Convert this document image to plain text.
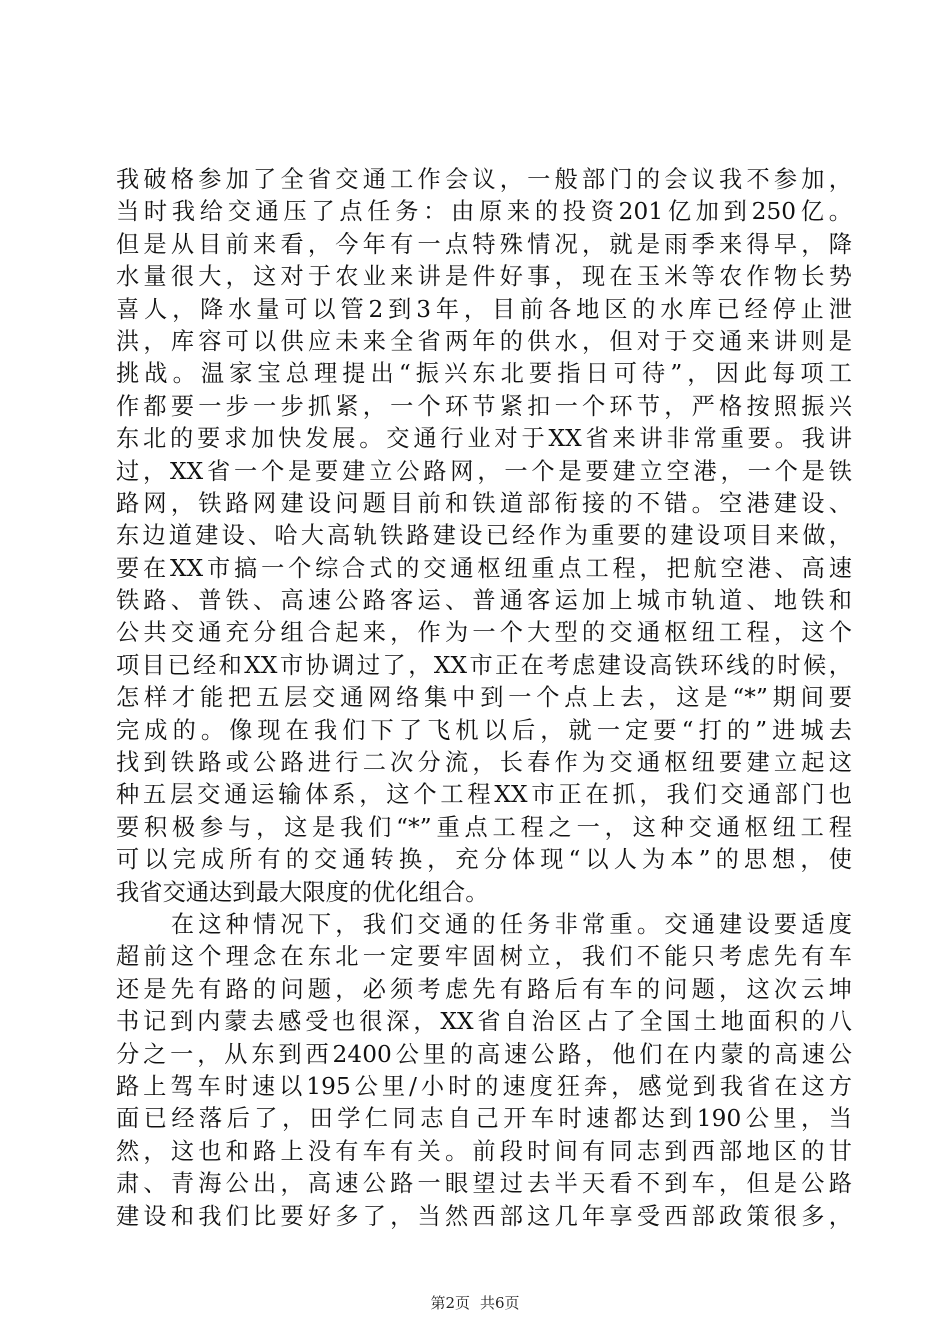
我破格参加了全省交通工作会议，一般部门的会议我不参加，
当时我给交通压了点任务：由原来的投资201亿加到250亿。
但是从目前来看，今年有一点特殊情况，就是雨季来得早，降
水量很大，这对于农业来讲是件好事，现在玉米等农作物长势
喜人，降水量可以管2到3年，目前各地区的水库已经停止泄
洪，库容可以供应未来全省两年的供水，但对于交通来讲则是
挑战。温家宝总理提出“振兴东北要指日可待”，因此每项工
作都要一步一步抓紧，一个环节紧扣一个环节，严格按照振兴
东北的要求加快发展。交通行业对于XX省来讲非常重要。我讲
过，XX省一个是要建立公路网，一个是要建立空港，一个是铁
路网，铁路网建设问题目前和铁道部衔接的不错。空港建设、
东边道建设、哈大高轨铁路建设已经作为重要的建设项目来做，
要在XX市搞一个综合式的交通枢纽重点工程，把航空港、高速
铁路、普铁、高速公路客运、普通客运加上城市轨道、地铁和
公共交通充分组合起来，作为一个大型的交通枢纽工程，这个
项目已经和XX市协调过了，XX市正在考虑建设高铁环线的时候，
怎样才能把五层交通网络集中到一个点上去，这是“*”期间要
完成的。像现在我们下了飞机以后，就一定要“打的”进城去
找到铁路或公路进行二次分流，长春作为交通枢纽要建立起这
种五层交通运输体系，这个工程XX市正在抓，我们交通部门也
要积极参与，这是我们“*”重点工程之一，这种交通枢纽工程
可以完成所有的交通转换，充分体现“以人为本”的思想，使
我省交通达到最大限度的优化组合。
　　在这种情况下，我们交通的任务非常重。交通建设要适度
超前这个理念在东北一定要牢固树立，我们不能只考虑先有车
还是先有路的问题，必须考虑先有路后有车的问题，这次云坤
书记到内蒙去感受也很深，XX省自治区占了全国土地面积的八
分之一，从东到西2400公里的高速公路，他们在内蒙的高速公
路上驾车时速以195公里/小时的速度狂奔，感觉到我省在这方
面已经落后了，田学仁同志自己开车时速都达到190公里，当
然，这也和路上没有车有关。前段时间有同志到西部地区的甘
肃、青海公出，高速公路一眼望过去半天看不到车，但是公路
建设和我们比要好多了，当然西部这几年享受西部政策很多，
第2页 共6页
